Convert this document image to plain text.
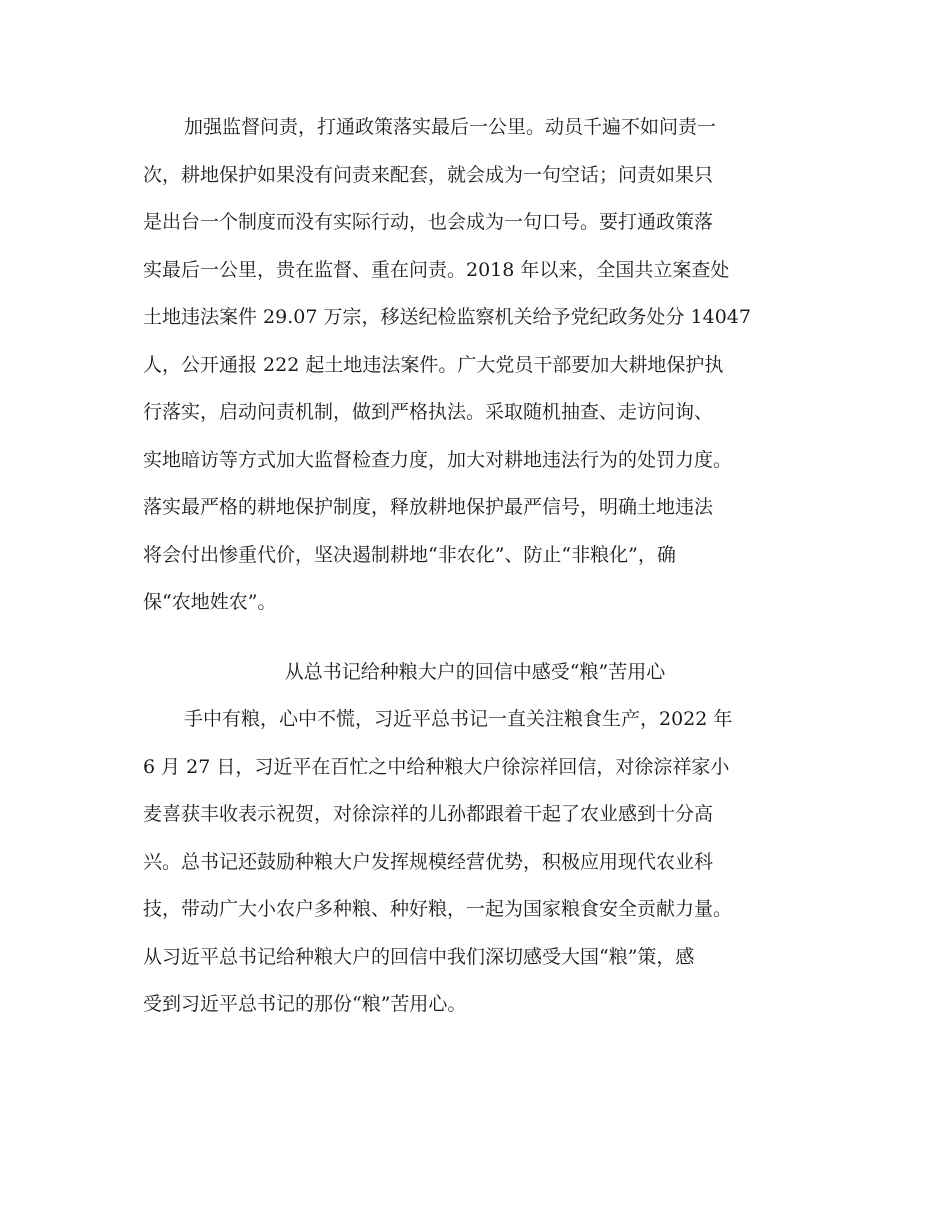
加强监督问责，打通政策落实最后一公里。动员千遍不如问责一
次，耕地保护如果没有问责来配套，就会成为一句空话；问责如果只
是出台一个制度而没有实际行动，也会成为一句口号。要打通政策落
实最后一公里，贵在监督、重在问责。2018 年以来，全国共立案查处
土地违法案件 29.07 万宗，移送纪检监察机关给予党纪政务处分 14047
人，公开通报 222 起土地违法案件。广大党员干部要加大耕地保护执
行落实，启动问责机制，做到严格执法。采取随机抽查、走访问询、
实地暗访等方式加大监督检查力度，加大对耕地违法行为的处罚力度。
落实最严格的耕地保护制度，释放耕地保护最严信号，明确土地违法
将会付出惨重代价，坚决遏制耕地“非农化”、防止“非粮化”，确
保“农地姓农”。
从总书记给种粮大户的回信中感受“粮”苦用心
手中有粮，心中不慌，习近平总书记一直关注粮食生产，2022 年
6 月 27 日，习近平在百忙之中给种粮大户徐淙祥回信，对徐淙祥家小
麦喜获丰收表示祝贺，对徐淙祥的儿孙都跟着干起了农业感到十分高
兴。总书记还鼓励种粮大户发挥规模经营优势，积极应用现代农业科
技，带动广大小农户多种粮、种好粮，一起为国家粮食安全贡献力量。
从习近平总书记给种粮大户的回信中我们深切感受大国“粮”策，感
受到习近平总书记的那份“粮”苦用心。
